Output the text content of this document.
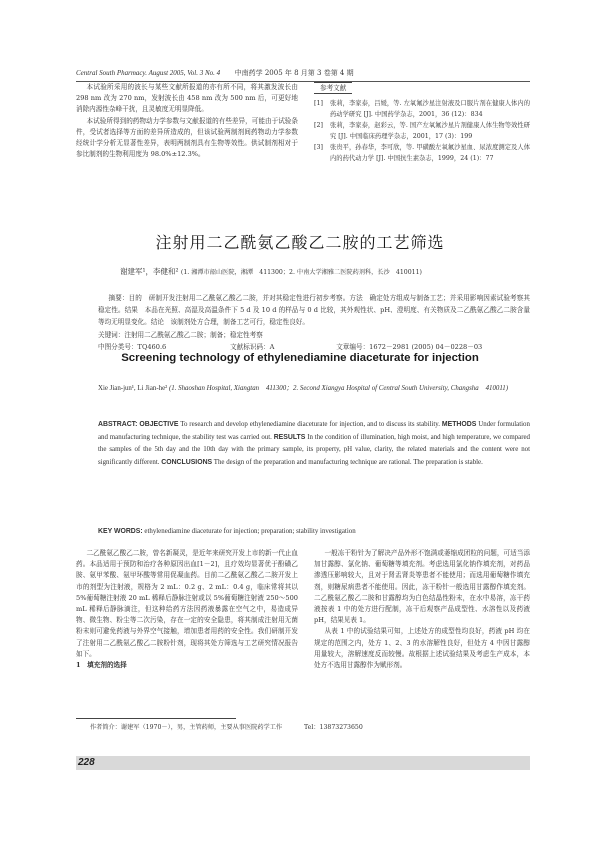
Central South Pharmacy. August 2005, Vol. 3 No. 4 中南药学 2005 年 8 月第 3 卷第 4 期

本试验所采用的波长与某些文献所报道的亦有所不同，将其激发波长由 298 nm 改为 270 nm，发射波长由 458 nm 改为 500 nm 后，可更好地消除内源性杂峰干扰，且灵敏度无明显降低。

本试验所得到的药物动力学参数与文献报道的有些差异，可能由于试验条件，受试者选择等方面的差异所造成的，但该试验两制剂间药物动力学参数经统计学分析无显著性差异，表明两制剂具有生物等效性。供试制剂相对于参比制剂的生物利用度为 98.0%±12.3%。

参考文献
[1] 张莉，李家泰，吕媛，等. 左氧氟沙星注射液及口服片剂在健康人体内的药动学研究 [J]. 中国药学杂志，2001，36 (12)：834
[2] 张莉，李家泰，赵彩云，等. 国产左氧氟沙星片剂健康人体生物等效性研究 [J]. 中国临床药理学杂志，2001，17 (3)：199
[3] 张贵平，孙春华，李可欣，等. 甲磺酸左氧氟沙星血、尿浓度测定及人体内的药代动力学 [J]. 中国抗生素杂志，1999，24 (1)：77
注射用二乙酰氨乙酸乙二胺的工艺筛选
谢建军¹，李健和² (1. 湘潭市韶山医院，湘潭　411300；2. 中南大学湘雅二医院药剂科，长沙　410011)
摘要：目的　研制开发注射用二乙酰氨乙酸乙二胺，并对其稳定性进行初步考察。方法　确定处方组成与制备工艺；并采用影响因素试验考察其稳定性。结果　本品在光照、高湿及高温条件下 5 d 及 10 d 的样品与 0 d 比较，其外观性状、pH、澄明度、有关物质及二乙酰氨乙酸乙二胺含量等均无明显变化。结论　该制剂处方合理，制备工艺可行，稳定性良好。
关键词：注射用二乙酰氨乙酸乙二胺；制备；稳定性考察
中图分类号：TQ460.6	文献标识码：A	文章编号：1672－2981 (2005) 04－0228－03
Screening technology of ethylenediamine diaceturate for injection
Xie Jian-jun¹, Li Jian-he² (1. Shaoshan Hospital, Xiangtan　411300；2. Second Xiangya Hospital of Central South University, Changsha　410011)
ABSTRACT: OBJECTIVE To research and develop ethylenediamine diaceturate for injection, and to discuss its stability. METHODS Under formulation and manufacturing technique, the stability test was carried out. RESULTS In the condition of illumination, high moist, and high temperature, we compared the samples of the 5th day and the 10th day with the primary sample, its property, pH value, clarity, the related materials and the content were not significantly different. CONCLUSIONS The design of the preparation and manufacturing technique are rational. The preparation is stable.
KEY WORDS: ethylenediamine diaceturate for injection; preparation; stability investigation

二乙酰氨乙酸乙二胺，曾名新凝灵，是近年来研究开发上市的新一代止血药。本品适用于预防和治疗各种原因出血[1－2]，且疗效均显著优于酚磺乙胺、氨甲苯酸、氨甲环酸等常用促凝血药。目前二乙酰氨乙酸乙二胺开发上市的剂型为注射液，规格为 2 mL：0.2 g、2 mL：0.4 g，临床常将其以 5%葡萄糖注射液 20 mL 稀释后静脉注射或以 5%葡萄糖注射液 250～500 mL 稀释后静脉滴注，但这种给药方法因药液暴露在空气之中，易造成异物、微生物、粉尘等二次污染，存在一定的安全隐患，将其制成注射用无菌粉末则可避免药液与外界空气接触，增加患者用药的安全性。我们研制开发了注射用二乙酰氨乙酸乙二胺粉针剂，现将其处方筛选与工艺研究情况报告如下。

1　填充剂的选择

一般冻干粉针为了解决产品外形不饱满或萎缩成团粒的问题，可适当添加甘露醇、氯化钠、葡萄糖等填充剂。考虑选用氯化钠作填充剂，对药品渗透压影响较大，且对于肾盂肾炎等患者不能使用；而选用葡萄糖作填充剂，则糖尿病患者不能使用。因此，冻干粉针一般选用甘露醇作填充剂。二乙酰氨乙酸乙二胺和甘露醇均为白色结晶性粉末，在水中易溶，冻干药液按表 1 中的处方进行配制，冻干后观察产品成型性、水溶性以及药液 pH，结果见表 1。

从表 1 中的试验结果可知，上述处方的成型性均良好，药液 pH 均在规定的范围之内，处方 1、2、3 的水溶解性良好，但处方 4 中因甘露醇用量较大，溶解速度反而较慢。故根据上述试验结果及考虑生产成本，本处方不选用甘露醇作为赋形剂。

作者简介：谢建军（1970－），男，主管药师，主要从事医院药学工作	Tel：13873273650
228
